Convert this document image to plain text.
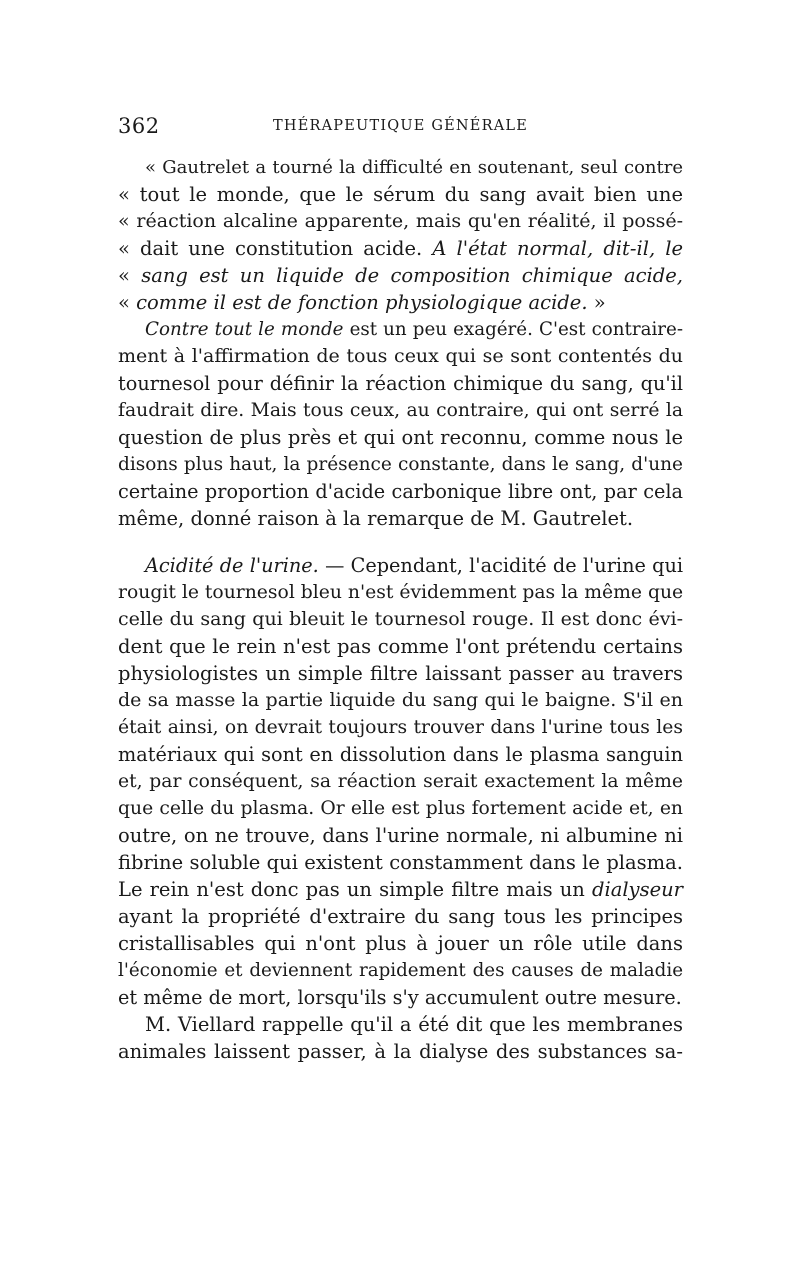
362	THÉRAPEUTIQUE GÉNÉRALE
« Gautrelet a tourné la difficulté en soutenant, seul contre
« tout le monde, que le sérum du sang avait bien une
« réaction alcaline apparente, mais qu'en réalité, il possé-
« dait une constitution acide. A l'état normal, dit-il, le
« sang est un liquide de composition chimique acide,
« comme il est de fonction physiologique acide. »
Contre tout le monde est un peu exagéré. C'est contraire-
ment à l'affirmation de tous ceux qui se sont contentés du
tournesol pour définir la réaction chimique du sang, qu'il
faudrait dire. Mais tous ceux, au contraire, qui ont serré la
question de plus près et qui ont reconnu, comme nous le
disons plus haut, la présence constante, dans le sang, d'une
certaine proportion d'acide carbonique libre ont, par cela
même, donné raison à la remarque de M. Gautrelet.
Acidité de l'urine. — Cependant, l'acidité de l'urine qui
rougit le tournesol bleu n'est évidemment pas la même que
celle du sang qui bleuit le tournesol rouge. Il est donc évi-
dent que le rein n'est pas comme l'ont prétendu certains
physiologistes un simple filtre laissant passer au travers
de sa masse la partie liquide du sang qui le baigne. S'il en
était ainsi, on devrait toujours trouver dans l'urine tous les
matériaux qui sont en dissolution dans le plasma sanguin
et, par conséquent, sa réaction serait exactement la même
que celle du plasma. Or elle est plus fortement acide et, en
outre, on ne trouve, dans l'urine normale, ni albumine ni
fibrine soluble qui existent constamment dans le plasma.
Le rein n'est donc pas un simple filtre mais un dialyseur
ayant la propriété d'extraire du sang tous les principes
cristallisables qui n'ont plus à jouer un rôle utile dans
l'économie et deviennent rapidement des causes de maladie
et même de mort, lorsqu'ils s'y accumulent outre mesure.
M. Viellard rappelle qu'il a été dit que les membranes
animales laissent passer, à la dialyse des substances sa-
